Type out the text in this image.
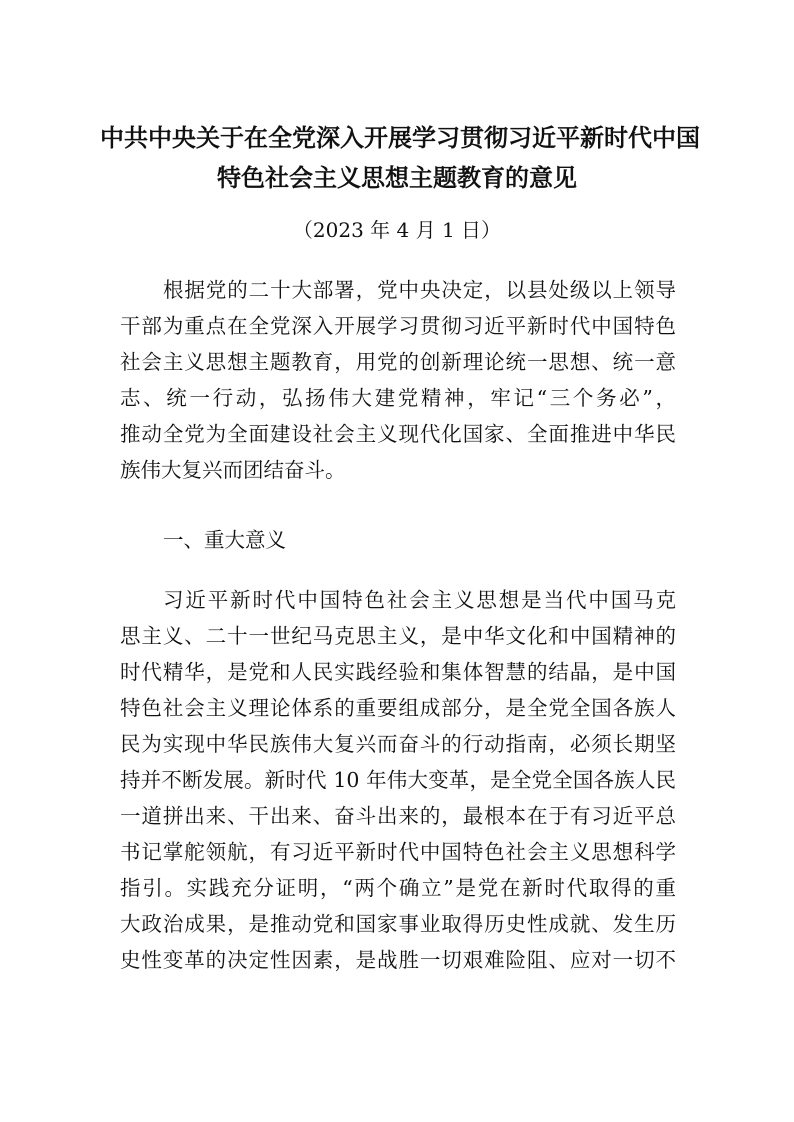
中共中央关于在全党深入开展学习贯彻习近平新时代中国
特色社会主义思想主题教育的意见
（2023 年 4 月 1 日）
根据党的二十大部署，党中央决定，以县处级以上领导
干部为重点在全党深入开展学习贯彻习近平新时代中国特色
社会主义思想主题教育，用党的创新理论统一思想、统一意
志、统一行动，弘扬伟大建党精神，牢记“三个务必”，
推动全党为全面建设社会主义现代化国家、全面推进中华民
族伟大复兴而团结奋斗。
一、重大意义
习近平新时代中国特色社会主义思想是当代中国马克
思主义、二十一世纪马克思主义，是中华文化和中国精神的
时代精华，是党和人民实践经验和集体智慧的结晶，是中国
特色社会主义理论体系的重要组成部分，是全党全国各族人
民为实现中华民族伟大复兴而奋斗的行动指南，必须长期坚
持并不断发展。新时代 10 年伟大变革，是全党全国各族人民
一道拼出来、干出来、奋斗出来的，最根本在于有习近平总
书记掌舵领航，有习近平新时代中国特色社会主义思想科学
指引。实践充分证明，“两个确立”是党在新时代取得的重
大政治成果，是推动党和国家事业取得历史性成就、发生历
史性变革的决定性因素，是战胜一切艰难险阻、应对一切不
